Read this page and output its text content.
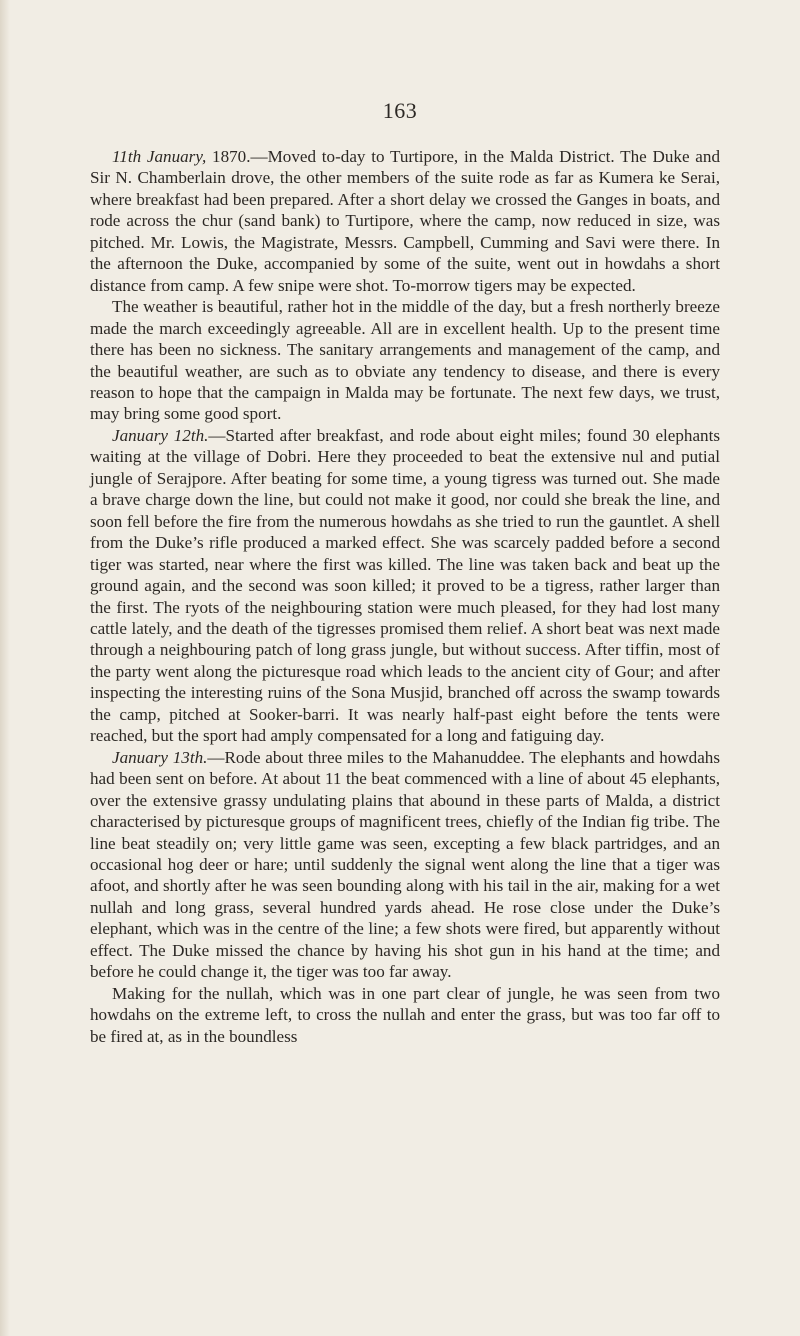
163

11th January, 1870.—Moved to-day to Turtipore, in the Malda District. The Duke and Sir N. Chamberlain drove, the other members of the suite rode as far as Kumera ke Serai, where breakfast had been prepared. After a short delay we crossed the Ganges in boats, and rode across the chur (sand bank) to Turtipore, where the camp, now reduced in size, was pitched. Mr. Lowis, the Magistrate, Messrs. Campbell, Cumming and Savi were there. In the afternoon the Duke, accompanied by some of the suite, went out in howdahs a short distance from camp. A few snipe were shot. To-morrow tigers may be expected.

The weather is beautiful, rather hot in the middle of the day, but a fresh northerly breeze made the march exceedingly agreeable. All are in excellent health. Up to the present time there has been no sickness. The sanitary arrangements and management of the camp, and the beautiful weather, are such as to obviate any tendency to disease, and there is every reason to hope that the campaign in Malda may be fortunate. The next few days, we trust, may bring some good sport.

January 12th.—Started after breakfast, and rode about eight miles; found 30 elephants waiting at the village of Dobri. Here they proceeded to beat the extensive nul and putial jungle of Serajpore. After beating for some time, a young tigress was turned out. She made a brave charge down the line, but could not make it good, nor could she break the line, and soon fell before the fire from the numerous howdahs as she tried to run the gauntlet. A shell from the Duke’s rifle produced a marked effect. She was scarcely padded before a second tiger was started, near where the first was killed. The line was taken back and beat up the ground again, and the second was soon killed; it proved to be a tigress, rather larger than the first. The ryots of the neighbouring station were much pleased, for they had lost many cattle lately, and the death of the tigresses promised them relief. A short beat was next made through a neighbouring patch of long grass jungle, but without success. After tiffin, most of the party went along the picturesque road which leads to the ancient city of Gour; and after inspecting the interesting ruins of the Sona Musjid, branched off across the swamp towards the camp, pitched at Sooker-barri. It was nearly half-past eight before the tents were reached, but the sport had amply compensated for a long and fatiguing day.

January 13th.—Rode about three miles to the Mahanuddee. The elephants and howdahs had been sent on before. At about 11 the beat commenced with a line of about 45 elephants, over the extensive grassy undulating plains that abound in these parts of Malda, a district characterised by picturesque groups of magnificent trees, chiefly of the Indian fig tribe. The line beat steadily on; very little game was seen, excepting a few black partridges, and an occasional hog deer or hare; until suddenly the signal went along the line that a tiger was afoot, and shortly after he was seen bounding along with his tail in the air, making for a wet nullah and long grass, several hundred yards ahead. He rose close under the Duke’s elephant, which was in the centre of the line; a few shots were fired, but apparently without effect. The Duke missed the chance by having his shot gun in his hand at the time; and before he could change it, the tiger was too far away.

Making for the nullah, which was in one part clear of jungle, he was seen from two howdahs on the extreme left, to cross the nullah and enter the grass, but was too far off to be fired at, as in the boundless
